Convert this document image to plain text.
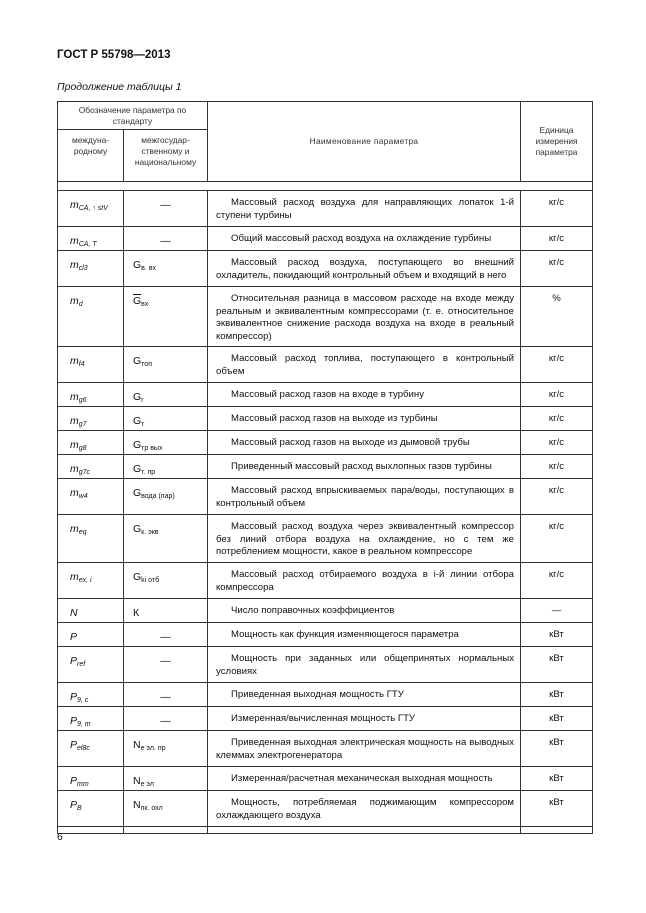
ГОСТ Р 55798—2013
Продолжение таблицы 1
Обозначение параметра по стандарту		Наименование параметра	Единица измерения параметра
междуна-родному	межгосудар-ственному и национальному		

$m_{CA, ↑ stV}$	—	Массовый расход воздуха для направляющих лопаток 1-й ступени турбины	кг/с
$m_{CA, T}$	—	Общий массовый расход воздуха на охлаждение турбины	кг/с
$m_{cl3}$	$G_{в. вх}$	Массовый расход воздуха, поступающего во внешний охладитель, покидающий контрольный объем и входящий в него	кг/с
$m_d$	$\overline{G}_{вх}$	Относительная разница в массовом расходе на входе между реальным и эквивалентным компрессорами (т. е. относительное эквивалентное снижение расхода воздуха на входе в реальный компрессор)	%
$m_{f4}$	$G_{топ}$	Массовый расход топлива, поступающего в контрольный объем	кг/с
$m_{g6}$	$G_г$	Массовый расход газов на входе в турбину	кг/с
$m_{g7}$	$G_т$	Массовый расход газов на выходе из турбины	кг/с
$m_{g8}$	$G_{тр вых}$	Массовый расход газов на выходе из дымовой трубы	кг/с
$m_{g7c}$	$G_{т. пр}$	Приведенный массовый расход выхлопных газов турбины	кг/с
$m_{w4}$	$G_{вода (пар)}$	Массовый расход впрыскиваемых пара/воды, поступающих в контрольный объем	кг/с
$m_{eq}$	$G_{к. экв}$	Массовый расход воздуха через эквивалентный компрессор без линий отбора воздуха на охлаждение, но с тем же потреблением мощности, какое в реальном компрессоре	кг/с
$m_{ex, i}$	$G_{ki отб}$	Массовый расход отбираемого воздуха в i-й линии отбора компрессора	кг/с
N	К	Число поправочных коэффициентов	—
P	—	Мощность как функция изменяющегося параметра	кВт
$P_{ref}$	—	Мощность при заданных или общепринятых нормальных условиях	кВт
$P_{9, c}$	—	Приведенная выходная мощность ГТУ	кВт
$P_{9, m}$	—	Измеренная/вычисленная мощность ГТУ	кВт
$P_{el8c}$	$N_{е эл. пр}$	Приведенная выходная электрическая мощность на выводных клеммах электрогенератора	кВт
$P_{mm}$	$N_{е эл}$	Измеренная/расчетная механическая выходная мощность	кВт
$P_B$	$N_{пк. охл}$	Мощность, потребляемая поджимающим компрессором охлаждающего воздуха	кВт

6
